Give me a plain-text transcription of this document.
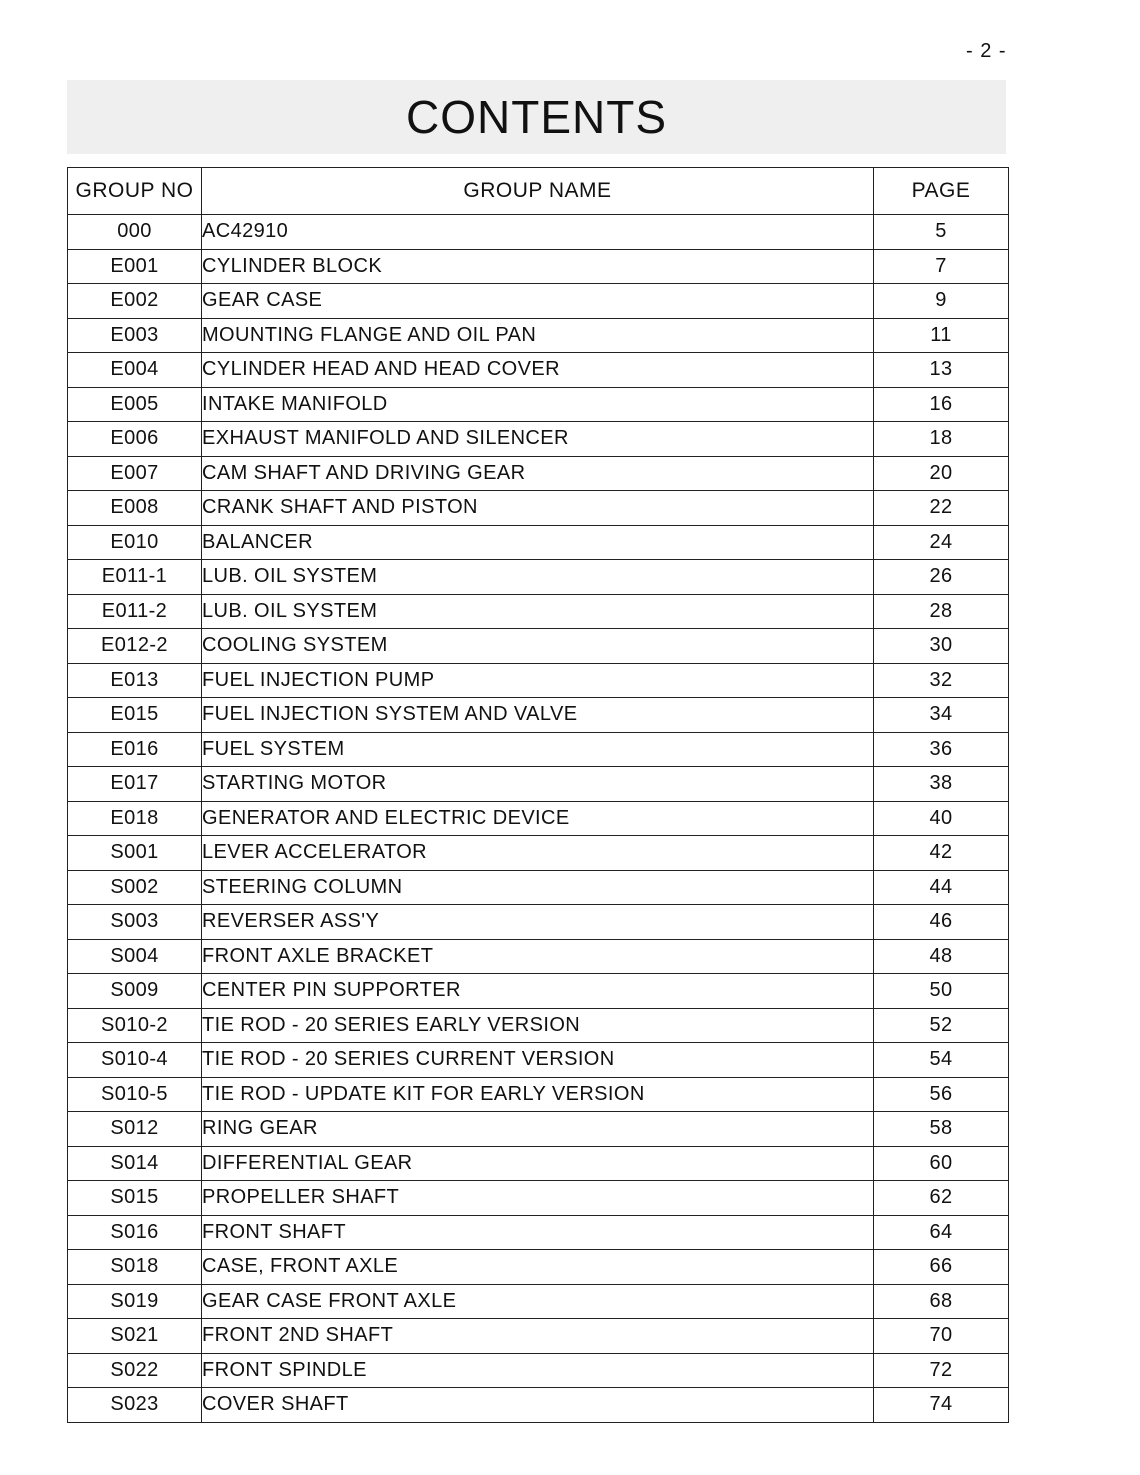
- 2 -
CONTENTS
GROUP NO	GROUP NAME	PAGE
000	AC42910	5
E001	CYLINDER BLOCK	7
E002	GEAR CASE	9
E003	MOUNTING FLANGE AND OIL PAN	11
E004	CYLINDER HEAD AND HEAD COVER	13
E005	INTAKE MANIFOLD	16
E006	EXHAUST MANIFOLD AND SILENCER	18
E007	CAM SHAFT AND DRIVING GEAR	20
E008	CRANK SHAFT AND PISTON	22
E010	BALANCER	24
E011-1	LUB. OIL SYSTEM	26
E011-2	LUB. OIL SYSTEM	28
E012-2	COOLING SYSTEM	30
E013	FUEL INJECTION PUMP	32
E015	FUEL INJECTION SYSTEM AND VALVE	34
E016	FUEL SYSTEM	36
E017	STARTING MOTOR	38
E018	GENERATOR AND ELECTRIC DEVICE	40
S001	LEVER ACCELERATOR	42
S002	STEERING COLUMN	44
S003	REVERSER ASS'Y	46
S004	FRONT AXLE BRACKET	48
S009	CENTER PIN SUPPORTER	50
S010-2	TIE ROD - 20 SERIES EARLY VERSION	52
S010-4	TIE ROD - 20 SERIES CURRENT VERSION	54
S010-5	TIE ROD - UPDATE KIT FOR EARLY VERSION	56
S012	RING GEAR	58
S014	DIFFERENTIAL GEAR	60
S015	PROPELLER SHAFT	62
S016	FRONT SHAFT	64
S018	CASE, FRONT AXLE	66
S019	GEAR CASE FRONT AXLE	68
S021	FRONT 2ND SHAFT	70
S022	FRONT SPINDLE	72
S023	COVER SHAFT	74
